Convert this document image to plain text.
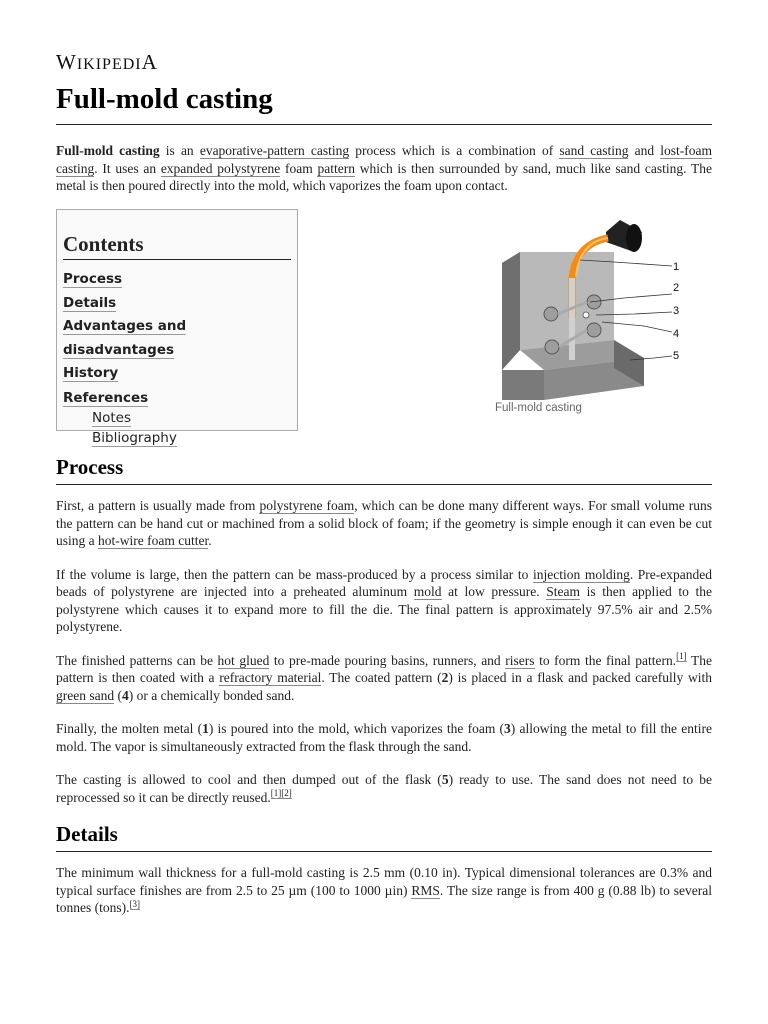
WIKIPEDIA
Full-mold casting

Full-mold casting is an evaporative-pattern casting process which is a combination of sand casting and lost-foam casting. It uses an expanded polystyrene foam pattern which is then surrounded by sand, much like sand casting. The metal is then poured directly into the mold, which vaporizes the foam upon contact.

Contents
Process
Details
Advantages and disadvantages
History
References
Notes
Bibliography
1
2
3
4
5
Full-mold casting
Process

First, a pattern is usually made from polystyrene foam, which can be done many different ways. For small volume runs the pattern can be hand cut or machined from a solid block of foam; if the geometry is simple enough it can even be cut using a hot-wire foam cutter.

If the volume is large, then the pattern can be mass-produced by a process similar to injection molding. Pre-expanded beads of polystyrene are injected into a preheated aluminum mold at low pressure. Steam is then applied to the polystyrene which causes it to expand more to fill the die. The final pattern is approximately 97.5% air and 2.5% polystyrene.

The finished patterns can be hot glued to pre-made pouring basins, runners, and risers to form the final pattern.[1] The pattern is then coated with a refractory material. The coated pattern (2) is placed in a flask and packed carefully with green sand (4) or a chemically bonded sand.

Finally, the molten metal (1) is poured into the mold, which vaporizes the foam (3) allowing the metal to fill the entire mold. The vapor is simultaneously extracted from the flask through the sand.

The casting is allowed to cool and then dumped out of the flask (5) ready to use. The sand does not need to be reprocessed so it can be directly reused.[1][2]

Details

The minimum wall thickness for a full-mold casting is 2.5 mm (0.10 in). Typical dimensional tolerances are 0.3% and typical surface finishes are from 2.5 to 25 µm (100 to 1000 µin) RMS. The size range is from 400 g (0.88 lb) to several tonnes (tons).[3]
